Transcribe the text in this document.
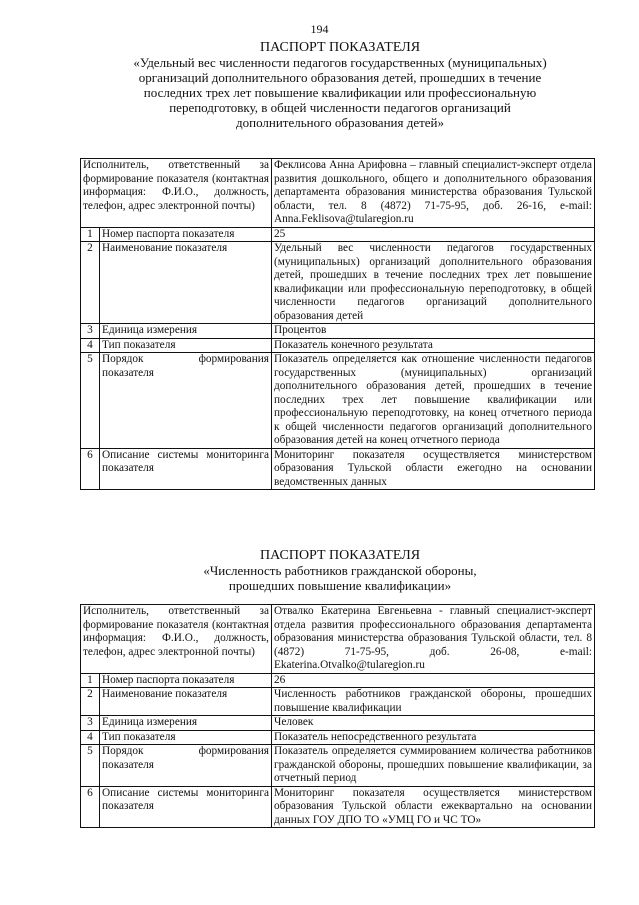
194
ПАСПОРТ ПОКАЗАТЕЛЯ
«Удельный вес численности педагогов государственных (муниципальных)
организаций дополнительного образования детей, прошедших в течение
последних трех лет повышение квалификации или профессиональную
переподготовку, в общей численности педагогов организаций
дополнительного образования детей»
Исполнитель, ответственный за формирование показателя (контактная информация: Ф.И.О., должность, телефон, адрес электронной почты)		Феклисова Анна Арифовна – главный специалист-эксперт отдела развития дошкольного, общего и дополнительного образования департамента образования министерства образования Тульской области, тел. 8 (4872) 71-75-95, доб. 26-16, e-mail: Anna.Feklisova@tularegion.ru
1	Номер паспорта показателя	25
2	Наименование показателя	Удельный вес численности педагогов государственных (муниципальных) организаций дополнительного образования детей, прошедших в течение последних трех лет повышение квалификации или профессиональную переподготовку, в общей численности педагогов организаций дополнительного образования детей
3	Единица измерения	Процентов
4	Тип показателя	Показатель конечного результата
5	Порядок формирования показателя	Показатель определяется как отношение численности педагогов государственных (муниципальных) организаций дополнительного образования детей, прошедших в течение последних трех лет повышение квалификации или профессиональную переподготовку, на конец отчетного периода к общей численности педагогов организаций дополнительного образования детей на конец отчетного периода
6	Описание системы мониторинга показателя	Мониторинг показателя осуществляется министерством образования Тульской области ежегодно на основании ведомственных данных
ПАСПОРТ ПОКАЗАТЕЛЯ
«Численность работников гражданской обороны,
прошедших повышение квалификации»
Исполнитель, ответственный за формирование показателя (контактная информация: Ф.И.О., должность, телефон, адрес электронной почты)		Отвалко Екатерина Евгеньевна - главный специалист-эксперт отдела развития профессионального образования департамента образования министерства образования Тульской области, тел. 8 (4872) 71-75-95, доб. 26-08, e-mail: Ekaterina.Otvalko@tularegion.ru
1	Номер паспорта показателя	26
2	Наименование показателя	Численность работников гражданской обороны, прошедших повышение квалификации
3	Единица измерения	Человек
4	Тип показателя	Показатель непосредственного результата
5	Порядок формирования показателя	Показатель определяется суммированием количества работников гражданской обороны, прошедших повышение квалификации, за отчетный период
6	Описание системы мониторинга показателя	Мониторинг показателя осуществляется министерством образования Тульской области ежеквартально на основании данных ГОУ ДПО ТО «УМЦ ГО и ЧС ТО»
